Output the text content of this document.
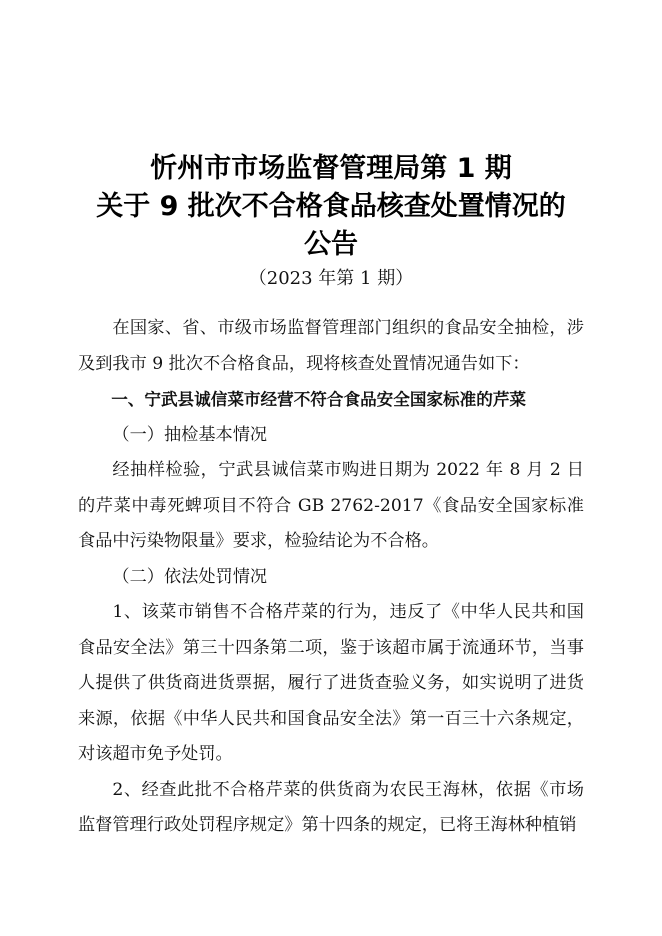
忻州市市场监督管理局第 1 期
关于 9 批次不合格食品核查处置情况的
公告
（2023 年第 1 期）

在国家、省、市级市场监督管理部门组织的食品安全抽检，涉及到我市 9 批次不合格食品，现将核查处置情况通告如下：

一、宁武县诚信菜市经营不符合食品安全国家标准的芹菜

（一）抽检基本情况

经抽样检验，宁武县诚信菜市购进日期为 2022 年 8 月 2 日的芹菜中毒死蜱项目不符合 GB 2762-2017《食品安全国家标准食品中污染物限量》要求，检验结论为不合格。

（二）依法处罚情况

1、该菜市销售不合格芹菜的行为，违反了《中华人民共和国食品安全法》第三十四条第二项，鉴于该超市属于流通环节，当事人提供了供货商进货票据，履行了进货查验义务，如实说明了进货来源，依据《中华人民共和国食品安全法》第一百三十六条规定，对该超市免予处罚。

2、经查此批不合格芹菜的供货商为农民王海林，依据《市场监督管理行政处罚程序规定》第十四条的规定，已将王海林种植销
